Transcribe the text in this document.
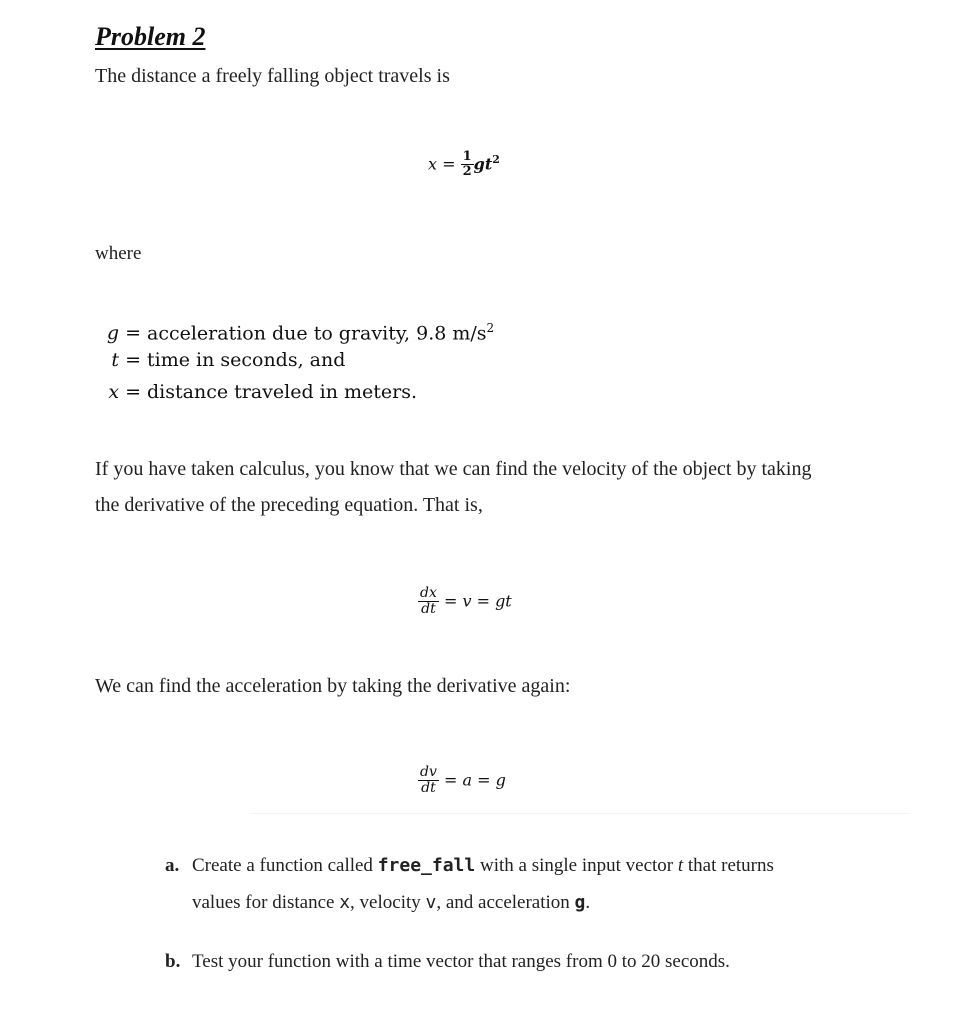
Problem 2
The distance a freely falling object travels is
$x = \frac{1}{2} gt^2$
where
g = acceleration due to gravity, 9.8 $m/s^2$
t = time in seconds, and
x = distance traveled in meters.
If you have taken calculus, you know that we can find the velocity of the object by taking
the derivative of the preceding equation. That is,
$\frac{dx}{dt} = v$ = gt
We can find the acceleration by taking the derivative again:
$\frac{dv}{dt} = a = g$
a. Create a function called free_fall with a single input vector t that returns
values for distance x, velocity v, and acceleration g.
b. Test your function with a time vector that ranges from 0 to 20 seconds.
